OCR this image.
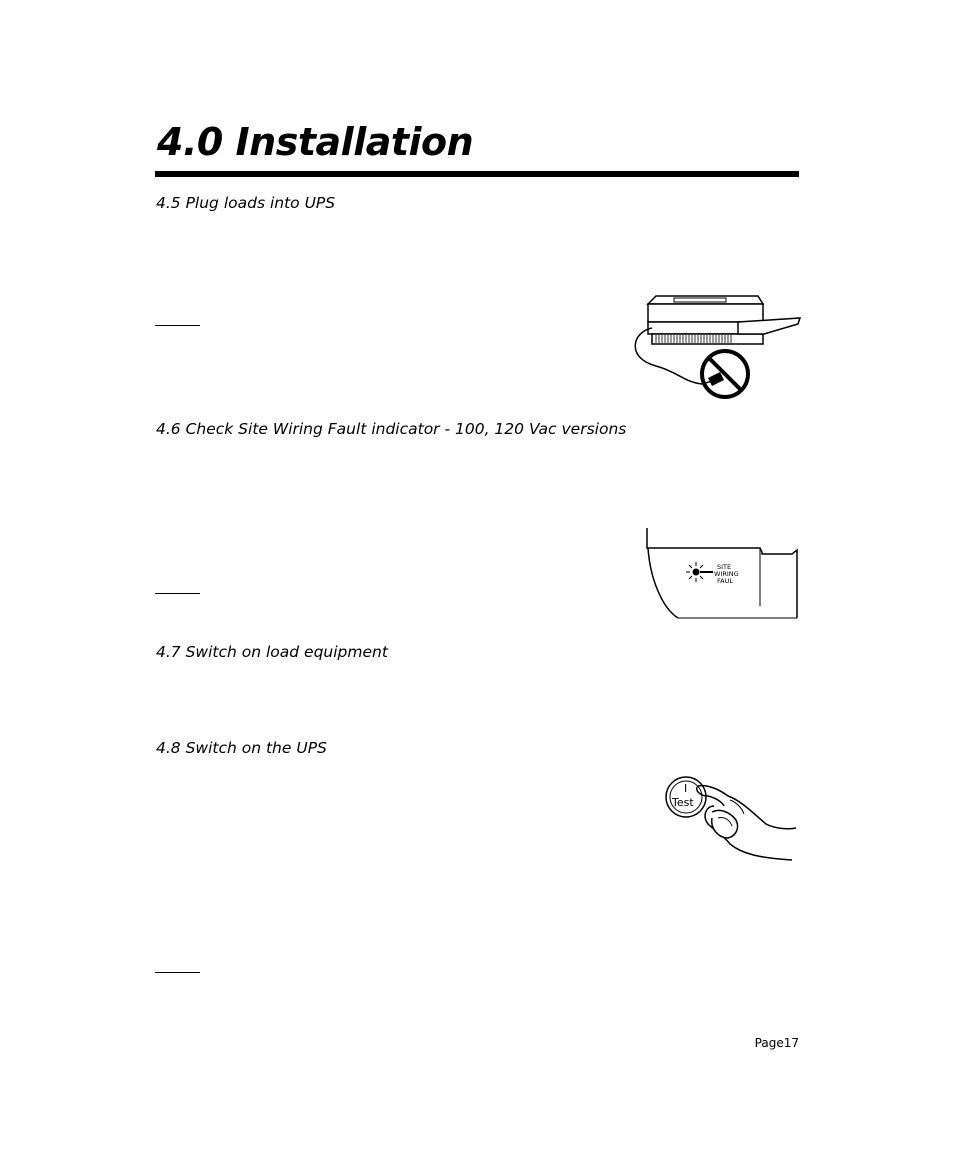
4.0 Installation
4.5 Plug loads into UPS
4.6 Check Site Wiring Fault indicator - 100, 120 Vac versions
SITE
WIRING
FAUL
4.7 Switch on load equipment
4.8 Switch on the UPS
I
Test
Page17
